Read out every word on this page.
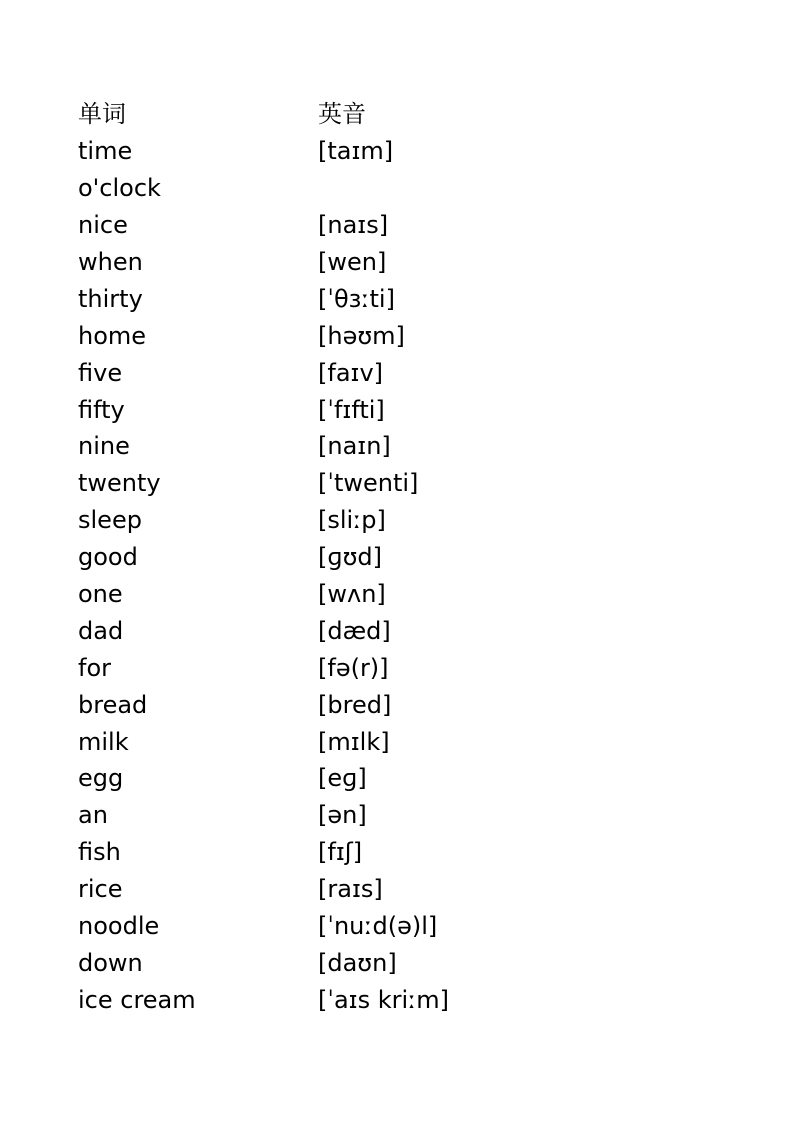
单词	英音
time	[taɪm]
o'clock	
nice	[naɪs]
when	[wen]
thirty	[ˈθɜːti]
home	[həʊm]
five	[faɪv]
fifty	[ˈfɪfti]
nine	[naɪn]
twenty	[ˈtwenti]
sleep	[sliːp]
good	[ɡʊd]
one	[wʌn]
dad	[dæd]
for	[fə(r)]
bread	[bred]
milk	[mɪlk]
egg	[eɡ]
an	[ən]
fish	[fɪʃ]
rice	[raɪs]
noodle	[ˈnuːd(ə)l]
down	[daʊn]
ice cream	[ˈaɪs kriːm]
